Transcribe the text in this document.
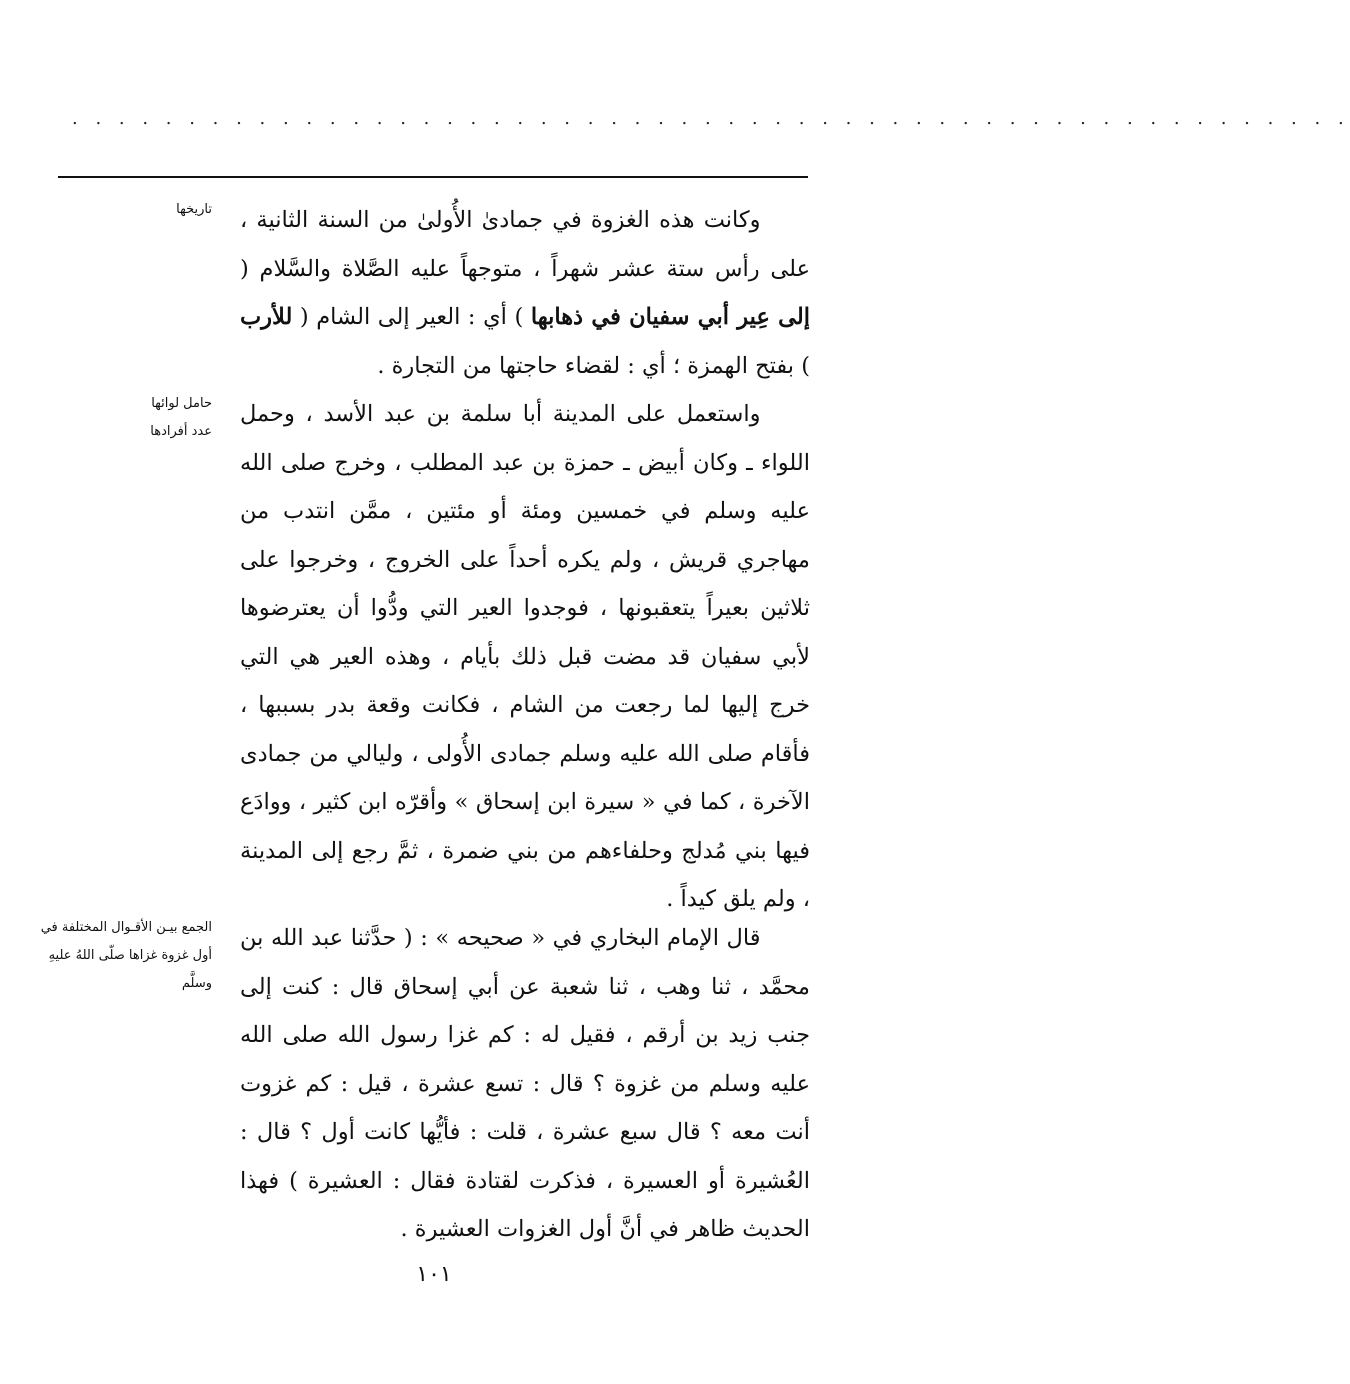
. . . . . . . . . . . . . . . . . . . . . . . . . . . . . . . . . . . . . . . . . . . . . . . . . . . . . . .
تاريخها وكانت هذه الغزوة في جمادىٰ الأُولىٰ من السنة الثانية ، على رأس ستة عشر شهراً ، متوجهاً عليه الصَّلاة والسَّلام ( إلى عِير أبي سفيان في ذهابها ) أي : العير إلى الشام ( للأرب ) بفتح الهمزة ؛ أي : لقضاء حاجتها من التجارة .

حامل لوائها
عدد أفرادها

واستعمل على المدينة أبا سلمة بن عبد الأسد ، وحمل اللواء ـ وكان أبيض ـ حمزة بن عبد المطلب ، وخرج صلى الله عليه وسلم في خمسين ومئة أو مئتين ، ممَّن انتدب من مهاجري قريش ، ولم يكره أحداً على الخروج ، وخرجوا على ثلاثين بعيراً يتعقبونها ، فوجدوا العير التي ودُّوا أن يعترضوها لأبي سفيان قد مضت قبل ذلك بأيام ، وهذه العير هي التي خرج إليها لما رجعت من الشام ، فكانت وقعة بدر بسببها ، فأقام صلى الله عليه وسلم جمادى الأُولى ، وليالي من جمادى الآخرة ، كما في « سيرة ابن إسحاق » وأقرّه ابن كثير ، ووادَع فيها بني مُدلج وحلفاءهم من بني ضمرة ، ثمَّ رجع إلى المدينة ، ولم يلق كيداً .

الجمع بيـن الأقـوال المختلفة في أول غزوة غزاها صلّى اللهُ عليهِ وسلَّم

قال الإمام البخاري في « صحيحه » : ( حدَّثنا عبد الله بن محمَّد ، ثنا وهب ، ثنا شعبة عن أبي إسحاق قال : كنت إلى جنب زيد بن أرقم ، فقيل له : كم غزا رسول الله صلى الله عليه وسلم من غزوة ؟ قال : تسع عشرة ، قيل : كم غزوت أنت معه ؟ قال سبع عشرة ، قلت : فأيُّها كانت أول ؟ قال : العُشيرة أو العسيرة ، فذكرت لقتادة فقال : العشيرة ) فهذا الحديث ظاهر في أنَّ أول الغزوات العشيرة .

١٠١
